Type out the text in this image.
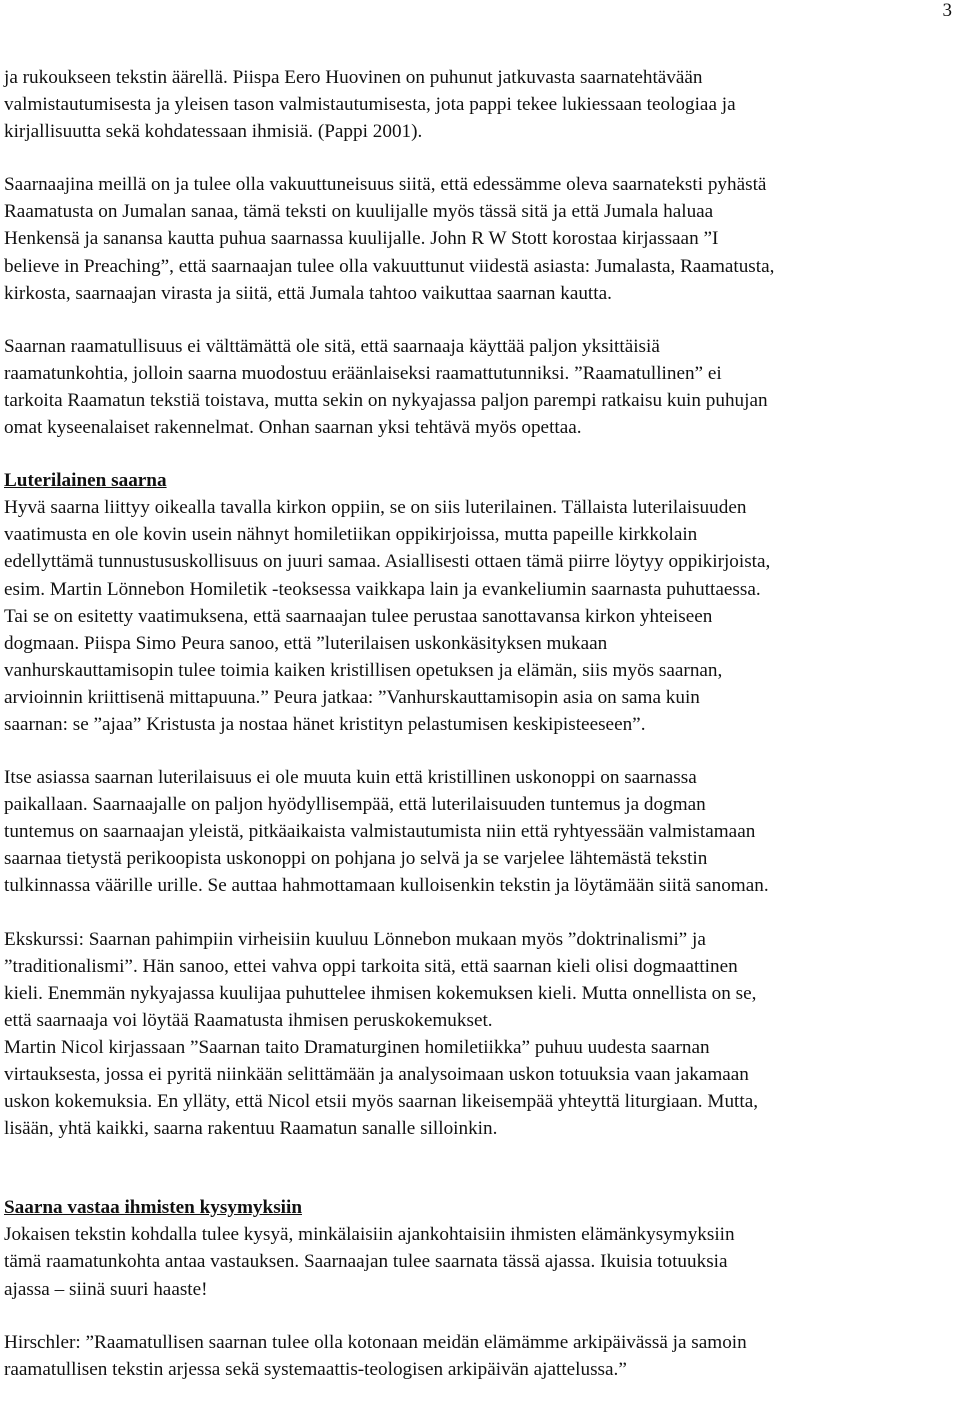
3

ja rukoukseen tekstin äärellä. Piispa Eero Huovinen on puhunut jatkuvasta saarnatehtävään
valmistautumisesta ja yleisen tason valmistautumisesta, jota pappi tekee lukiessaan teologiaa ja
kirjallisuutta sekä kohdatessaan ihmisiä. (Pappi 2001).

Saarnaajina meillä on ja tulee olla vakuuttuneisuus siitä, että edessämme oleva saarnateksti pyhästä
Raamatusta on Jumalan sanaa, tämä teksti on kuulijalle myös tässä sitä ja että Jumala haluaa
Henkensä ja sanansa kautta puhua saarnassa kuulijalle. John R W Stott korostaa kirjassaan ”I
believe in Preaching”, että saarnaajan tulee olla vakuuttunut viidestä asiasta: Jumalasta, Raamatusta,
kirkosta, saarnaajan virasta ja siitä, että Jumala tahtoo vaikuttaa saarnan kautta.

Saarnan raamatullisuus ei välttämättä ole sitä, että saarnaaja käyttää paljon yksittäisiä
raamatunkohtia, jolloin saarna muodostuu eräänlaiseksi raamattutunniksi. ”Raamatullinen” ei
tarkoita Raamatun tekstiä toistava, mutta sekin on nykyajassa paljon parempi ratkaisu kuin puhujan
omat kyseenalaiset rakennelmat. Onhan saarnan yksi tehtävä myös opettaa.

Luterilainen saarna

Hyvä saarna liittyy oikealla tavalla kirkon oppiin, se on siis luterilainen. Tällaista luterilaisuuden
vaatimusta en ole kovin usein nähnyt homiletiikan oppikirjoissa, mutta papeille kirkkolain
edellyttämä tunnustususkollisuus on juuri samaa. Asiallisesti ottaen tämä piirre löytyy oppikirjoista,
esim. Martin Lönnebon Homiletik -teoksessa vaikkapa lain ja evankeliumin saarnasta puhuttaessa.
Tai se on esitetty vaatimuksena, että saarnaajan tulee perustaa sanottavansa kirkon yhteiseen
dogmaan. Piispa Simo Peura sanoo, että ”luterilaisen uskonkäsityksen mukaan
vanhurskauttamisopin tulee toimia kaiken kristillisen opetuksen ja elämän, siis myös saarnan,
arvioinnin kriittisenä mittapuuna.” Peura jatkaa: ”Vanhurskauttamisopin asia on sama kuin
saarnan: se ”ajaa” Kristusta ja nostaa hänet kristityn pelastumisen keskipisteeseen”.

Itse asiassa saarnan luterilaisuus ei ole muuta kuin että kristillinen uskonoppi on saarnassa
paikallaan. Saarnaajalle on paljon hyödyllisempää, että luterilaisuuden tuntemus ja dogman
tuntemus on saarnaajan yleistä, pitkäaikaista valmistautumista niin että ryhtyessään valmistamaan
saarnaa tietystä perikoopista uskonoppi on pohjana jo selvä ja se varjelee lähtemästä tekstin
tulkinnassa väärille urille. Se auttaa hahmottamaan kulloisenkin tekstin ja löytämään siitä sanoman.

Ekskurssi: Saarnan pahimpiin virheisiin kuuluu Lönnebon mukaan myös ”doktrinalismi” ja
”traditionalismi”. Hän sanoo, ettei vahva oppi tarkoita sitä, että saarnan kieli olisi dogmaattinen
kieli. Enemmän nykyajassa kuulijaa puhuttelee ihmisen kokemuksen kieli. Mutta onnellista on se,
että saarnaaja voi löytää Raamatusta ihmisen peruskokemukset.

Martin Nicol kirjassaan ”Saarnan taito Dramaturginen homiletiikka” puhuu uudesta saarnan
virtauksesta, jossa ei pyritä niinkään selittämään ja analysoimaan uskon totuuksia vaan jakamaan
uskon kokemuksia. En ylläty, että Nicol etsii myös saarnan likeisempää yhteyttä liturgiaan. Mutta,
lisään, yhtä kaikki, saarna rakentuu Raamatun sanalle silloinkin.

Saarna vastaa ihmisten kysymyksiin

Jokaisen tekstin kohdalla tulee kysyä, minkälaisiin ajankohtaisiin ihmisten elämänkysymyksiin
tämä raamatunkohta antaa vastauksen. Saarnaajan tulee saarnata tässä ajassa. Ikuisia totuuksia
ajassa – siinä suuri haaste!

Hirschler: ”Raamatullisen saarnan tulee olla kotonaan meidän elämämme arkipäivässä ja samoin
raamatullisen tekstin arjessa sekä systemaattis-teologisen arkipäivän ajattelussa.”
